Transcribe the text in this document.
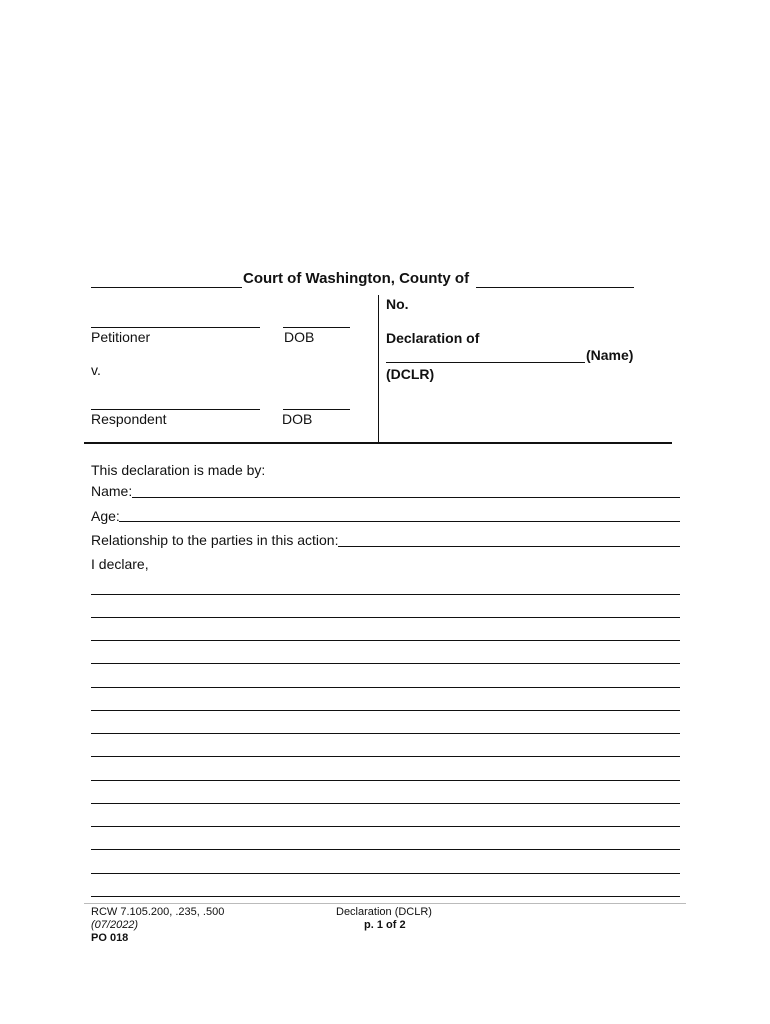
Court of Washington, County of
Petitioner	DOB
v.
Respondent	DOB
No.
Declaration of
(Name)
(DCLR)
This declaration is made by:
Name:
Age:
Relationship to the parties in this action:
I declare,
RCW 7.105.200, .235, .500
(07/2022)
PO 018
Declaration (DCLR)
p. 1 of 2
